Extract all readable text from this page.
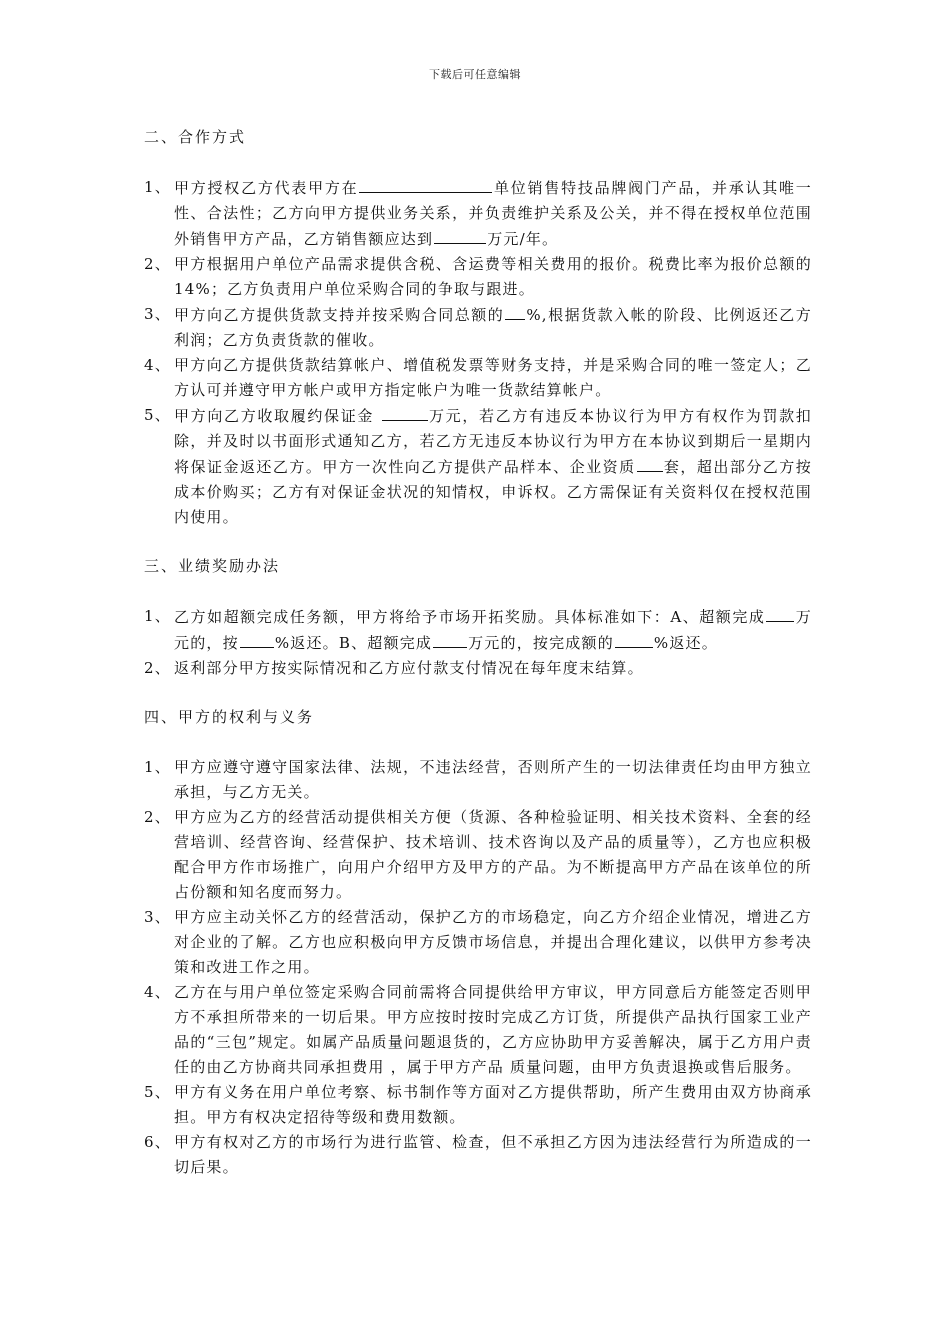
下载后可任意编辑
二、合作方式
1、 甲方授权乙方代表甲方在	单位销售特技品牌阀门产品，并承认其唯一性、合法性；乙方向甲方提供业务关系，并负责维护关系及公关，并不得在授权单位范围外销售甲方产品，乙方销售额应达到	万元/年。
2、 甲方根据用户单位产品需求提供含税、含运费等相关费用的报价。税费比率为报价总额的14%；乙方负责用户单位采购合同的争取与跟进。
3、 甲方向乙方提供货款支持并按采购合同总额的 %,根据货款入帐的阶段、比例返还乙方利润；乙方负责货款的催收。
4、 甲方向乙方提供货款结算帐户、增值税发票等财务支持，并是采购合同的唯一签定人；乙方认可并遵守甲方帐户或甲方指定帐户为唯一货款结算帐户。
5、 甲方向乙方收取履约保证金	万元，若乙方有违反本协议行为甲方有权作为罚款扣除，并及时以书面形式通知乙方，若乙方无违反本协议行为甲方在本协议到期后一星期内将保证金返还乙方。甲方一次性向乙方提供产品样本、企业资质 套，超出部分乙方按成本价购买；乙方有对保证金状况的知情权，申诉权。乙方需保证有关资料仅在授权范围内使用。
三、业绩奖励办法
1、 乙方如超额完成任务额，甲方将给予市场开拓奖励。具体标准如下：A、超额完成 万元的，按 %返还。B、超额完成 万元的，按完成额的	%返还。
2、 返利部分甲方按实际情况和乙方应付款支付情况在每年度末结算。
四、甲方的权利与义务
1、 甲方应遵守遵守国家法律、法规，不违法经营，否则所产生的一切法律责任均由甲方独立承担，与乙方无关。
2、 甲方应为乙方的经营活动提供相关方便（货源、各种检验证明、相关技术资料、全套的经营培训、经营咨询、经营保护、技术培训、技术咨询以及产品的质量等），乙方也应积极配合甲方作市场推广，向用户介绍甲方及甲方的产品。为不断提高甲方产品在该单位的所占份额和知名度而努力。
3、 甲方应主动关怀乙方的经营活动，保护乙方的市场稳定，向乙方介绍企业情况，增进乙方对企业的了解。乙方也应积极向甲方反馈市场信息，并提出合理化建议，以供甲方参考决策和改进工作之用。
4、 乙方在与用户单位签定采购合同前需将合同提供给甲方审议，甲方同意后方能签定否则甲方不承担所带来的一切后果。甲方应按时按时完成乙方订货，所提供产品执行国家工业产品的“三包”规定。如属产品质量问题退货的，乙方应协助甲方妥善解决，属于乙方用户责任的由乙方协商共同承担费用 ，属于甲方产品 质量问题，由甲方负责退换或售后服务。
5、 甲方有义务在用户单位考察、标书制作等方面对乙方提供帮助，所产生费用由双方协商承担。甲方有权决定招待等级和费用数额。
6、 甲方有权对乙方的市场行为进行监管、检查，但不承担乙方因为违法经营行为所造成的一切后果。
